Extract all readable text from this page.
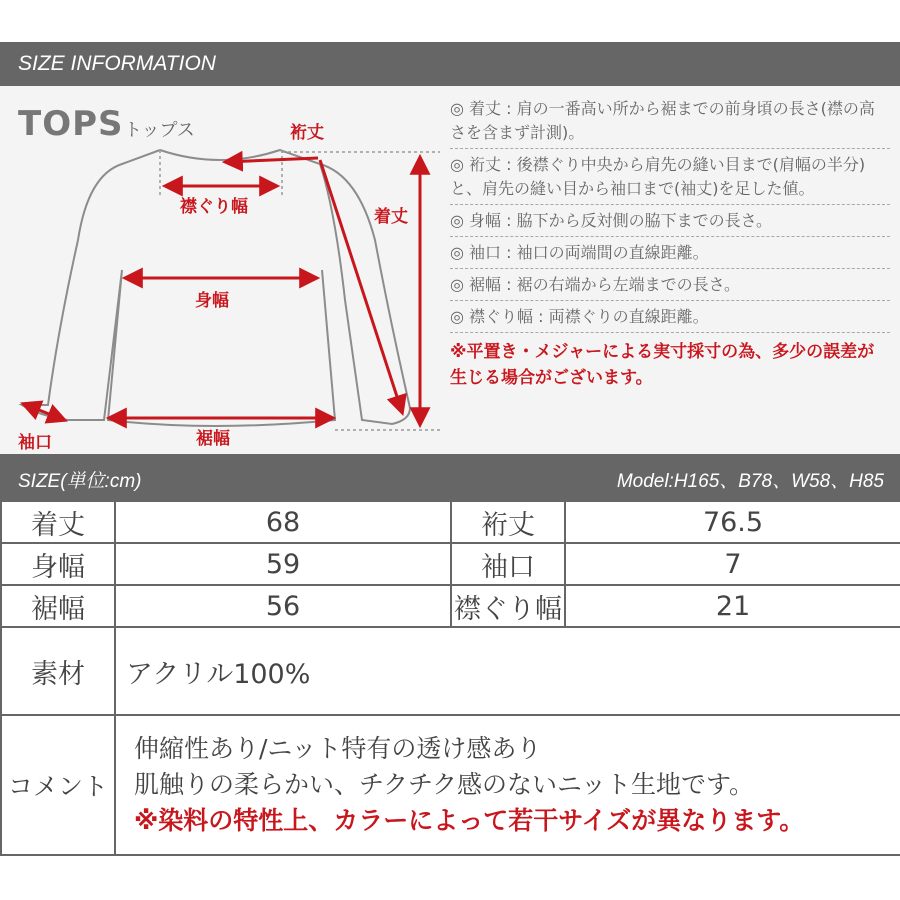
SIZE INFORMATION
TOPS トップス	裄丈
襟ぐり幅	着丈
身幅
袖口	裾幅
◎ 着丈 : 肩の一番高い所から裾までの前身頃の長さ(襟の高さを含まず計測)。
◎ 裄丈 : 後襟ぐり中央から肩先の縫い目まで(肩幅の半分)と、肩先の縫い目から袖口まで(袖丈)を足した値。
◎ 身幅 : 脇下から反対側の脇下までの長さ。
◎ 袖口 : 袖口の両端間の直線距離。
◎ 裾幅 : 裾の右端から左端までの長さ。
◎ 襟ぐり幅 : 両襟ぐりの直線距離。
※平置き・メジャーによる実寸採寸の為、多少の誤差が生じる場合がございます。
SIZE(単位:cm)	Model:H165、B78、W58、H85
着丈	68	裄丈	76.5
身幅	59	袖口	7
裾幅	56	襟ぐり幅	21
素材	アクリル100%		
コメント	伸縮性あり/ニット特有の透け感あり
肌触りの柔らかい、チクチク感のないニット生地です。
※染料の特性上、カラーによって若干サイズが異なります。		
